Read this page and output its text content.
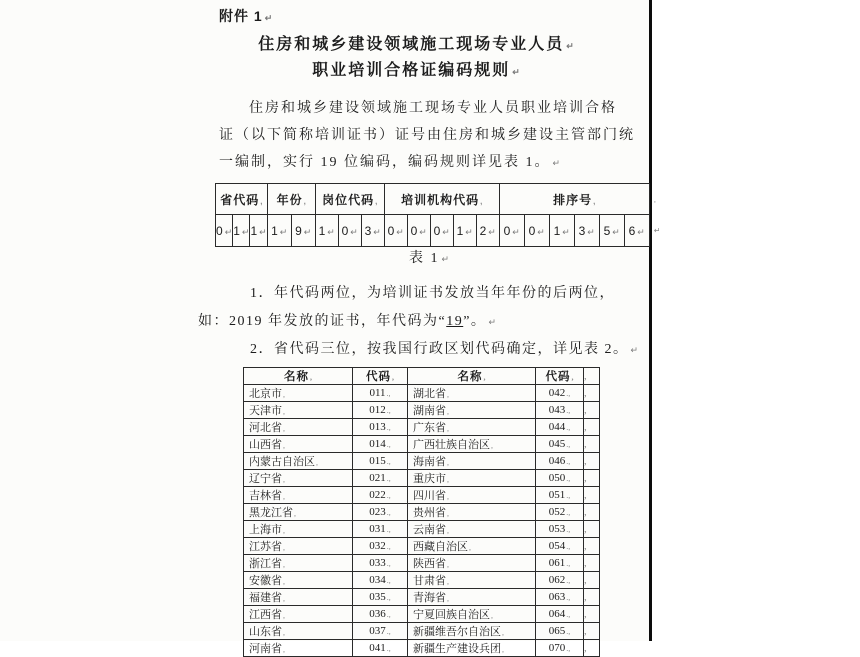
附件 1 ↵
住房和城乡建设领域施工现场专业人员 ↵
职业培训合格证编码规则 ↵
住房和城乡建设领域施工现场专业人员职业培训合格
证（以下简称培训证书）证号由住房和城乡建设主管部门统
一编制，实行 19 位编码，编码规则详见表 1。 ↵
省代码,			年份,		岗位代码,			培训机构代码,					排序号,						,
0 ↵	1 ↵	1 ↵	1 ↵	9 ↵	1 ↵	0 ↵	3 ↵	0 ↵	0 ↵	0 ↵	1 ↵	2 ↵	0 ↵	0 ↵	1 ↵	3 ↵	5 ↵	6 ↵	↵
表 1 ↵
1．年代码两位，为培训证书发放当年年份的后两位，
如：2019 年发放的证书，年代码为“19”。 ↵
2．省代码三位，按我国行政区划代码确定，详见表 2。 ↵
名称,	代码,	名称,	代码,	,
北京市,	011.,	湖北省,	042.,	,
天津市,	012.,	湖南省,	043.,	,
河北省,	013.,	广东省,	044.,	,
山西省,	014.,	广西壮族自治区,	045.,	,
内蒙古自治区,	015.,	海南省,	046.,	,
辽宁省,	021.,	重庆市,	050.,	,
吉林省,	022.,	四川省,	051.,	,
黑龙江省,	023.,	贵州省,	052.,	,
上海市,	031.,	云南省,	053.,	,
江苏省,	032.,	西藏自治区,	054.,	,
浙江省,	033.,	陕西省,	061.,	,
安徽省,	034.,	甘肃省,	062.,	,
福建省,	035.,	青海省,	063.,	,
江西省,	036.,	宁夏回族自治区,	064.,	,
山东省,	037.,	新疆维吾尔自治区,	065.,	,
河南省,	041.,	新疆生产建设兵团,	070.,	,
